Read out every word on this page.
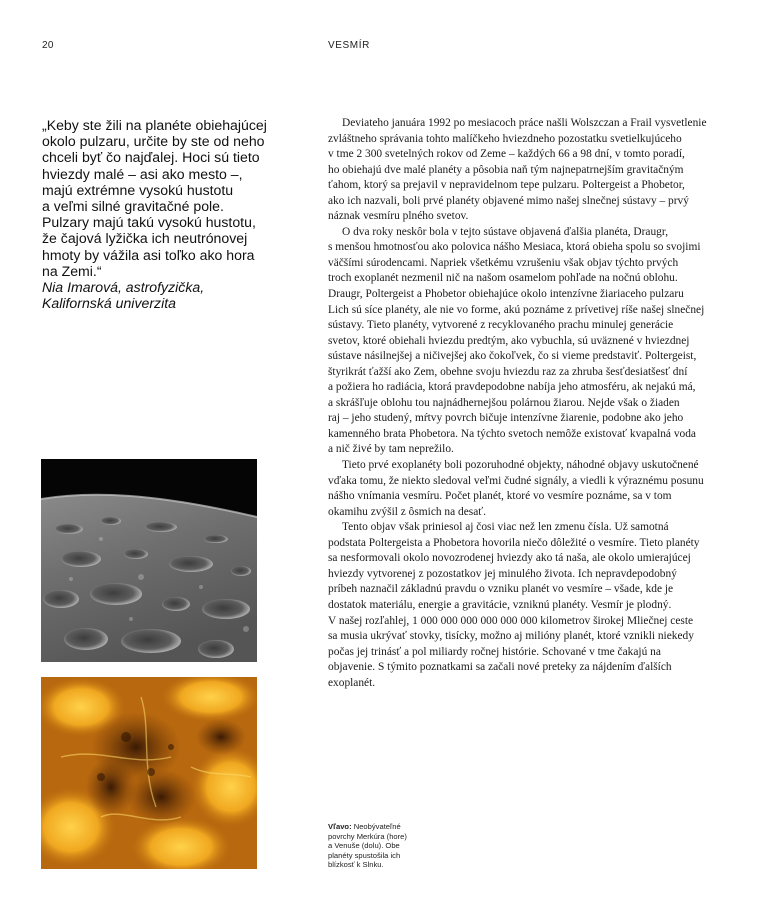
20	VESMÍR
„Keby ste žili na planéte obiehajúcej
okolo pulzaru, určite by ste od neho
chceli byť čo najďalej. Hoci sú tieto
hviezdy malé – asi ako mesto –,
majú extrémne vysokú hustotu
a veľmi silné gravitačné pole.
Pulzary majú takú vysokú hustotu,
že čajová lyžička ich neutrónovej
hmoty by vážila asi toľko ako hora
na Zemi.“
Nia Imarová, astrofyzička,
Kalifornská univerzita
Deviateho januára 1992 po mesiacoch práce našli Wolszczan a Frail vysvetlenie
zvláštneho správania tohto malíčkeho hviezdneho pozostatku svetielkujúceho
v tme 2 300 svetelných rokov od Zeme – každých 66 a 98 dní, v tomto poradí,
ho obiehajú dve malé planéty a pôsobia naň tým najnepatrnejším gravitačným
ťahom, ktorý sa prejavil v nepravidelnom tepe pulzaru. Poltergeist a Phobetor,
ako ich nazvali, boli prvé planéty objavené mimo našej slnečnej sústavy – prvý
náznak vesmíru plného svetov.
O dva roky neskôr bola v tejto sústave objavená ďalšia planéta, Draugr,
s menšou hmotnosťou ako polovica nášho Mesiaca, ktorá obieha spolu so svojimi
väčšími súrodencami. Napriek všetkému vzrušeniu však objav týchto prvých
troch exoplanét nezmenil nič na našom osamelom pohľade na nočnú oblohu.
Draugr, Poltergeist a Phobetor obiehajúce okolo intenzívne žiariaceho pulzaru
Lich sú síce planéty, ale nie vo forme, akú poznáme z prívetivej ríše našej slnečnej
sústavy. Tieto planéty, vytvorené z recyklovaného prachu minulej generácie
svetov, ktoré obiehali hviezdu predtým, ako vybuchla, sú uväznené v hviezdnej
sústave násilnejšej a ničivejšej ako čokoľvek, čo si vieme predstaviť. Poltergeist,
štyrikrát ťažší ako Zem, obehne svoju hviezdu raz za zhruba šesťdesiatšesť dní
a požiera ho radiácia, ktorá pravdepodobne nabíja jeho atmosféru, ak nejakú má,
a skrášľuje oblohu tou najnádhernejšou polárnou žiarou. Nejde však o žiaden
raj – jeho studený, mŕtvy povrch bičuje intenzívne žiarenie, podobne ako jeho
kamenného brata Phobetora. Na týchto svetoch nemôže existovať kvapalná voda
a nič živé by tam neprežilo.
Tieto prvé exoplanéty boli pozoruhodné objekty, náhodné objavy uskutočnené
vďaka tomu, že niekto sledoval veľmi čudné signály, a viedli k výraznému posunu
nášho vnímania vesmíru. Počet planét, ktoré vo vesmíre poznáme, sa v tom
okamihu zvýšil z ôsmich na desať.
Tento objav však priniesol aj čosi viac než len zmenu čísla. Už samotná
podstata Poltergeista a Phobetora hovorila niečo dôležité o vesmíre. Tieto planéty
sa nesformovali okolo novozrodenej hviezdy ako tá naša, ale okolo umierajúcej
hviezdy vytvorenej z pozostatkov jej minulého života. Ich nepravdepodobný
príbeh naznačil základnú pravdu o vzniku planét vo vesmíre – všade, kde je
dostatok materiálu, energie a gravitácie, vzniknú planéty. Vesmír je plodný.
V našej rozľahlej, 1 000 000 000 000 000 000 kilometrov širokej Mliečnej ceste
sa musia ukrývať stovky, tisícky, možno aj milióny planét, ktoré vznikli niekedy
počas jej trinásť a pol miliardy ročnej histórie. Schované v tme čakajú na
objavenie. S týmito poznatkami sa začali nové preteky za nájdením ďalších
exoplanét.
Vľavo: Neobývateľné
povrchy Merkúra (hore)
a Venuše (dolu). Obe
planéty spustošila ich
blízkosť k Slnku.
